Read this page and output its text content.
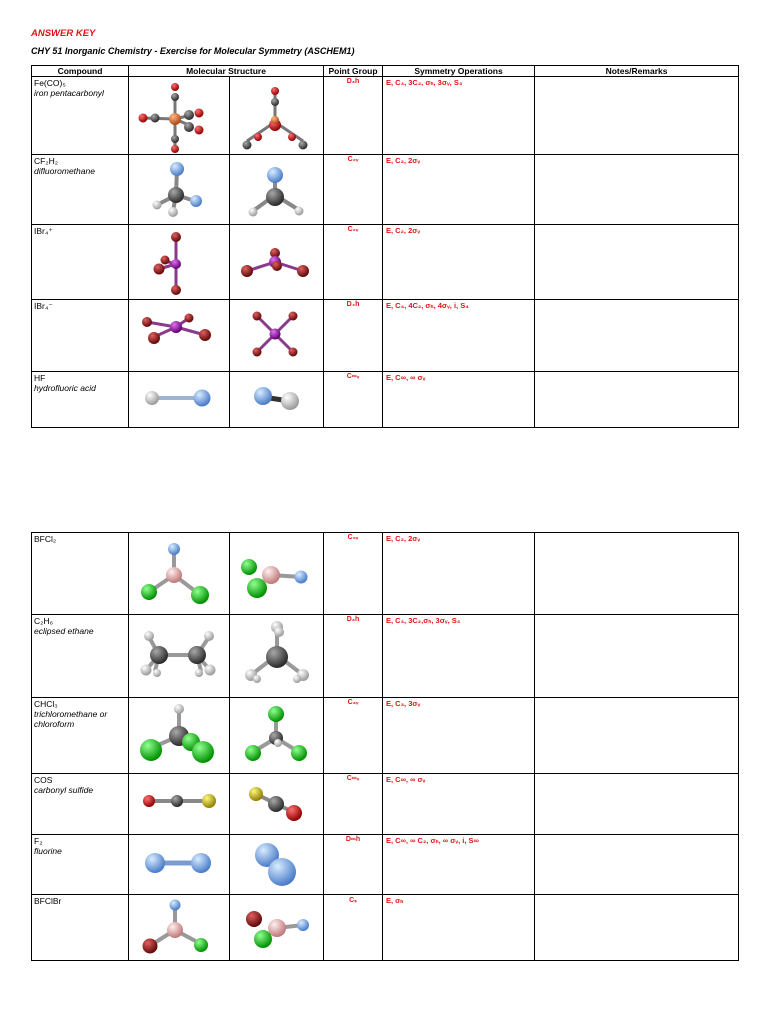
ANSWER KEY
CHY 51 Inorganic Chemistry - Exercise for Molecular Symmetry (ASCHEM1)
Compound	Molecular Structure		Point Group	Symmetry Operations	Notes/Remarks

Fe(CO)₅
iron pentacarbonyl			D₃h	E, C₃, 3C₂, σₕ, 3σᵥ, S₃	

CF₂H₂
difluoromethane			C₂ᵥ	E, C₂, 2σᵥ	

IBr₄⁺			C₂ᵥ	E, C₂, 2σᵥ	

IBr₄⁻			D₄h	E, C₄, 4C₂, σₕ, 4σᵥ, i, S₄	

HF
hydrofluoric acid			C∞ᵥ	E, C∞, ∞ σᵥ	
BFCl₂			C₂ᵥ	E, C₂, 2σᵥ	

C₂H₆
eclipsed ethane			D₃h	E, C₃, 3C₂,σₕ, 3σᵥ, S₃	

CHCl₃
trichloromethane or chloroform			C₃ᵥ	E, C₃, 3σᵥ	

COS
carbonyl sulfide			C∞ᵥ	E, C∞, ∞ σᵥ	

F₂
fluorine			D∞h	E, C∞, ∞ C₂, σₕ, ∞ σᵥ, i, S∞	

BFClBr			Cₛ	E, σₕ	
